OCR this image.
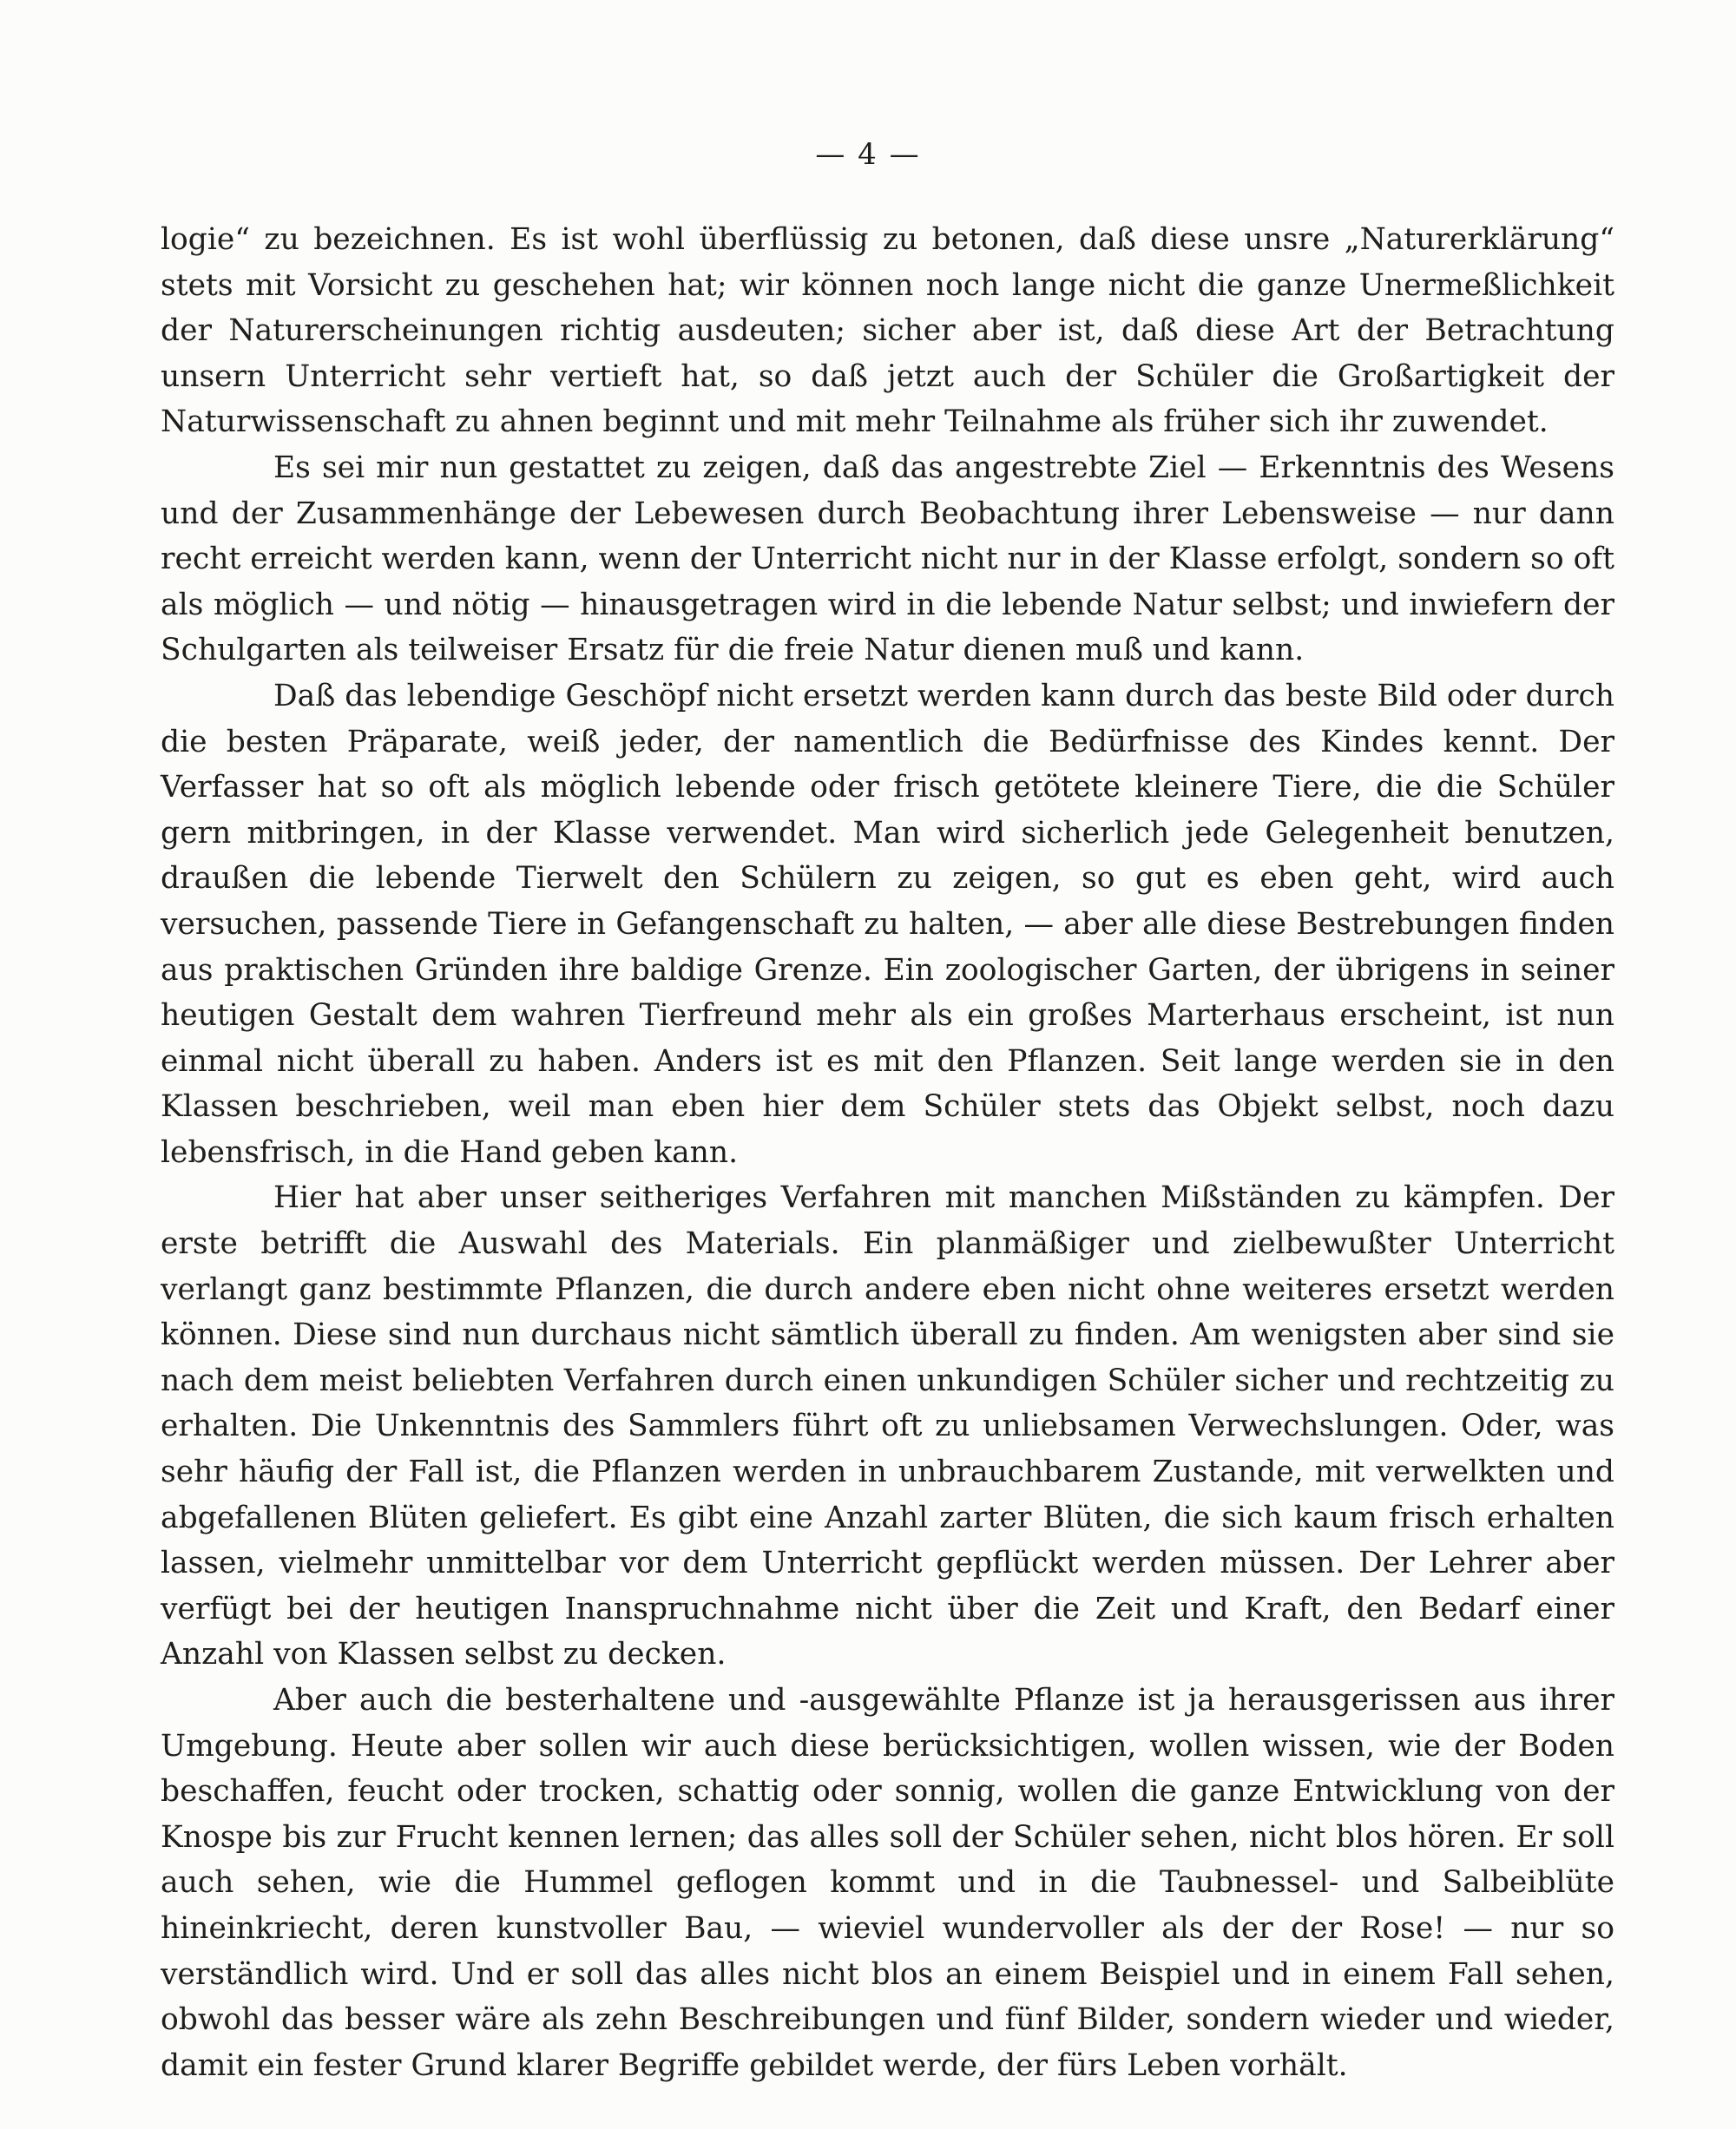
— 4 —

logie“ zu bezeichnen. Es ist wohl überflüssig zu betonen, daß diese unsre „Naturerklärung“ stets mit Vorsicht zu geschehen hat; wir können noch lange nicht die ganze Unermeßlichkeit der Naturerscheinungen richtig ausdeuten; sicher aber ist, daß diese Art der Betrachtung unsern Unterricht sehr vertieft hat, so daß jetzt auch der Schüler die Großartigkeit der Naturwissenschaft zu ahnen beginnt und mit mehr Teilnahme als früher sich ihr zuwendet.

Es sei mir nun gestattet zu zeigen, daß das angestrebte Ziel — Erkenntnis des Wesens und der Zusammenhänge der Lebewesen durch Beobachtung ihrer Lebensweise — nur dann recht erreicht werden kann, wenn der Unterricht nicht nur in der Klasse erfolgt, sondern so oft als möglich — und nötig — hinausgetragen wird in die lebende Natur selbst; und inwiefern der Schulgarten als teilweiser Ersatz für die freie Natur dienen muß und kann.

Daß das lebendige Geschöpf nicht ersetzt werden kann durch das beste Bild oder durch die besten Präparate, weiß jeder, der namentlich die Bedürfnisse des Kindes kennt. Der Verfasser hat so oft als möglich lebende oder frisch getötete kleinere Tiere, die die Schüler gern mitbringen, in der Klasse verwendet. Man wird sicherlich jede Gelegenheit benutzen, draußen die lebende Tierwelt den Schülern zu zeigen, so gut es eben geht, wird auch versuchen, passende Tiere in Gefangenschaft zu halten, — aber alle diese Bestrebungen finden aus praktischen Gründen ihre baldige Grenze. Ein zoologischer Garten, der übrigens in seiner heutigen Gestalt dem wahren Tierfreund mehr als ein großes Marterhaus erscheint, ist nun einmal nicht überall zu haben. Anders ist es mit den Pflanzen. Seit lange werden sie in den Klassen beschrieben, weil man eben hier dem Schüler stets das Objekt selbst, noch dazu lebensfrisch, in die Hand geben kann.

Hier hat aber unser seitheriges Verfahren mit manchen Mißständen zu kämpfen. Der erste betrifft die Auswahl des Materials. Ein planmäßiger und zielbewußter Unterricht verlangt ganz bestimmte Pflanzen, die durch andere eben nicht ohne weiteres ersetzt werden können. Diese sind nun durchaus nicht sämtlich überall zu finden. Am wenigsten aber sind sie nach dem meist beliebten Verfahren durch einen unkundigen Schüler sicher und rechtzeitig zu erhalten. Die Unkenntnis des Sammlers führt oft zu unliebsamen Verwechslungen. Oder, was sehr häufig der Fall ist, die Pflanzen werden in unbrauchbarem Zustande, mit verwelkten und abgefallenen Blüten geliefert. Es gibt eine Anzahl zarter Blüten, die sich kaum frisch erhalten lassen, vielmehr unmittelbar vor dem Unterricht gepflückt werden müssen. Der Lehrer aber verfügt bei der heutigen Inanspruchnahme nicht über die Zeit und Kraft, den Bedarf einer Anzahl von Klassen selbst zu decken.

Aber auch die besterhaltene und -ausgewählte Pflanze ist ja herausgerissen aus ihrer Umgebung. Heute aber sollen wir auch diese berücksichtigen, wollen wissen, wie der Boden beschaffen, feucht oder trocken, schattig oder sonnig, wollen die ganze Entwicklung von der Knospe bis zur Frucht kennen lernen; das alles soll der Schüler sehen, nicht blos hören. Er soll auch sehen, wie die Hummel geflogen kommt und in die Taubnessel- und Salbeiblüte hineinkriecht, deren kunstvoller Bau, — wieviel wundervoller als der der Rose! — nur so verständlich wird. Und er soll das alles nicht blos an einem Beispiel und in einem Fall sehen, obwohl das besser wäre als zehn Beschreibungen und fünf Bilder, sondern wieder und wieder, damit ein fester Grund klarer Begriffe gebildet werde, der fürs Leben vorhält.
